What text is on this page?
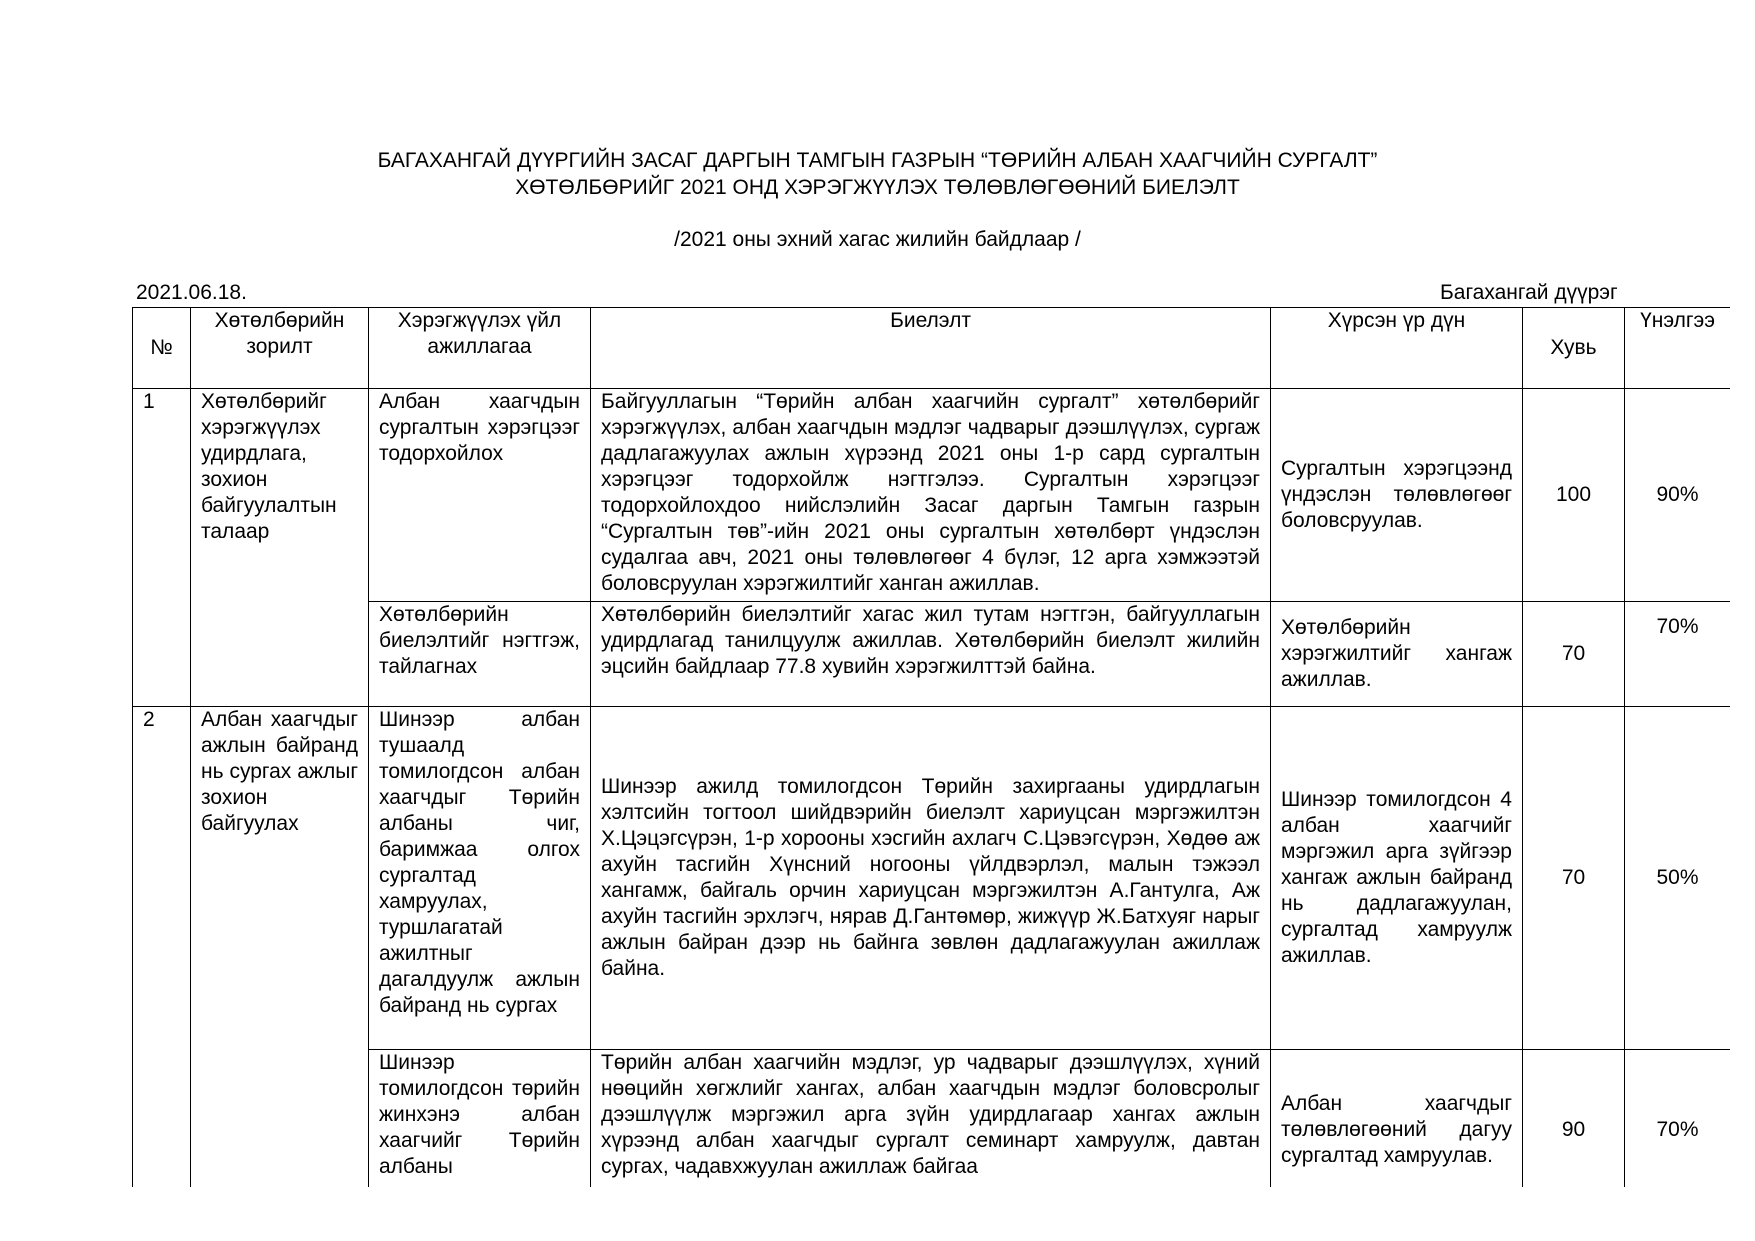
БАГАХАНГАЙ ДҮҮРГИЙН ЗАСАГ ДАРГЫН ТАМГЫН ГАЗРЫН “ТӨРИЙН АЛБАН ХААГЧИЙН СУРГАЛТ”
ХӨТӨЛБӨРИЙГ 2021 ОНД ХЭРЭГЖҮҮЛЭХ ТӨЛӨВЛӨГӨӨНИЙ БИЕЛЭЛТ
/2021 оны эхний хагас жилийн байдлаар /
2021.06.18.	Багахангай дүүрэг
№	Хөтөлбөрийн зорилт	Хэрэгжүүлэх үйл ажиллагаа	Биелэлт	Хүрсэн үр дүн	Хувь	Үнэлгээ
1	Хөтөлбөрийг хэрэгжүүлэх удирдлага, зохион байгуулалтын талаар	Албан хаагчдын сургалтын хэрэгцээг тодорхойлох	Байгууллагын “Төрийн албан хаагчийн сургалт” хөтөлбөрийг хэрэгжүүлэх, албан хаагчдын мэдлэг чадварыг дээшлүүлэх, сургаж дадлагажуулах ажлын хүрээнд 2021 оны 1-р сард сургалтын хэрэгцээг тодорхойлж нэгтгэлээ. Сургалтын хэрэгцээг тодорхойлохдоо нийслэлийн Засаг даргын Тамгын газрын “Сургалтын төв”-ийн 2021 оны сургалтын хөтөлбөрт үндэслэн судалгаа авч, 2021 оны төлөвлөгөөг 4 бүлэг, 12 арга хэмжээтэй боловсруулан хэрэгжилтийг ханган ажиллав.	Сургалтын хэрэгцээнд үндэслэн төлөвлөгөөг боловсруулав.	100	90%
		Хөтөлбөрийн биелэлтийг нэгтгэж, тайлагнах	Хөтөлбөрийн биелэлтийг хагас жил тутам нэгтгэн, байгууллагын удирдлагад танилцуулж ажиллав. Хөтөлбөрийн биелэлт жилийн эцсийн байдлаар 77.8 хувийн хэрэгжилттэй байна.	Хөтөлбөрийн хэрэгжилтийг хангаж ажиллав.	70	70%
2	Албан хаагчдыг ажлын байранд нь сургах ажлыг зохион байгуулах	Шинээр албан тушаалд томилогдсон албан хаагчдыг Төрийн албаны чиг, баримжаа олгох сургалтад хамруулах, туршлагатай ажилтныг дагалдуулж ажлын байранд нь сургах	Шинээр ажилд томилогдсон Төрийн захиргааны удирдлагын хэлтсийн тогтоол шийдвэрийн биелэлт хариуцсан мэргэжилтэн Х.Цэцэгсүрэн, 1-р хорооны хэсгийн ахлагч С.Цэвэгсүрэн, Хөдөө аж ахуйн тасгийн Хүнсний ногооны үйлдвэрлэл, малын тэжээл хангамж, байгаль орчин хариуцсан мэргэжилтэн А.Гантулга, Аж ахуйн тасгийн эрхлэгч, нярав Д.Гантөмөр, жижүүр Ж.Батхуяг нарыг ажлын байран дээр нь байнга зөвлөн дадлагажуулан ажиллаж байна.	Шинээр томилогдсон 4 албан хаагчийг мэргэжил арга зүйгээр хангаж ажлын байранд нь дадлагажуулан, сургалтад хамруулж ажиллав.	70	50%
		Шинээр томилогдсон төрийн жинхэнэ албан хаагчийг Төрийн албаны	Төрийн албан хаагчийн мэдлэг, ур чадварыг дээшлүүлэх, хүний нөөцийн хөгжлийг хангах, албан хаагчдын мэдлэг боловсролыг дээшлүүлж мэргэжил арга зүйн удирдлагаар хангах ажлын хүрээнд албан хаагчдыг сургалт семинарт хамруулж, давтан сургах, чадавхжуулан ажиллаж байгаа	Албан хаагчдыг төлөвлөгөөний дагуу сургалтад хамруулав.	90	70%
